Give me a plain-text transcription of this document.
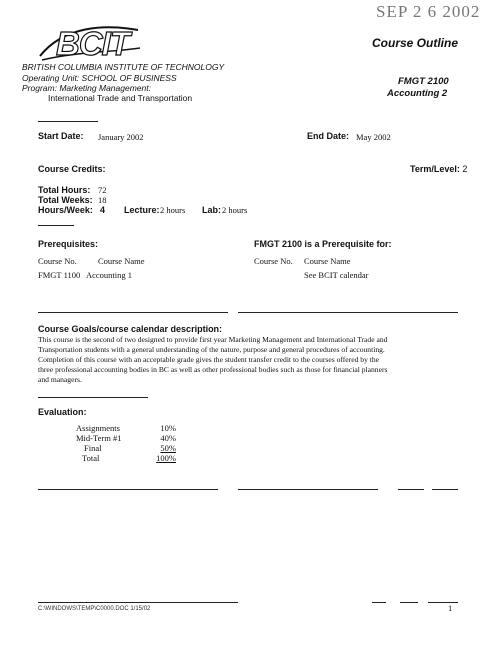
BCIT
SEP 2 6 2002
Course Outline
BRITISH COLUMBIA INSTITUTE OF TECHNOLOGY
Operating Unit: SCHOOL OF BUSINESS
Program: Marketing Management:
International Trade and Transportation
FMGT 2100
Accounting 2
Start Date: January 2002	End Date: May 2002
Course Credits:	Term/Level: 2
Total Hours: 72
Total Weeks: 18
Hours/Week: 4 Lecture: 2 hours Lab: 2 hours
Prerequisites:	FMGT 2100 is a Prerequisite for:
Course No.	Course Name	Course No. Course Name
FMGT 1100 Accounting 1	See BCIT calendar
Course Goals/course calendar description:
This course is the second of two designed to provide first year Marketing Management and International Trade and
Transportation students with a general understanding of the nature, purpose and general procedures of accounting.
Completion of this course with an acceptable grade gives the student transfer credit to the courses offered by the
three professional accounting bodies in BC as well as other professional bodies such as those for financial planners
and managers.
Evaluation:
Assignments	10%
Mid-Term #1	40%
Final	50%
Total	100%
C:\WINDOWS\TEMP\C0000.DOC 1/15/02	1
